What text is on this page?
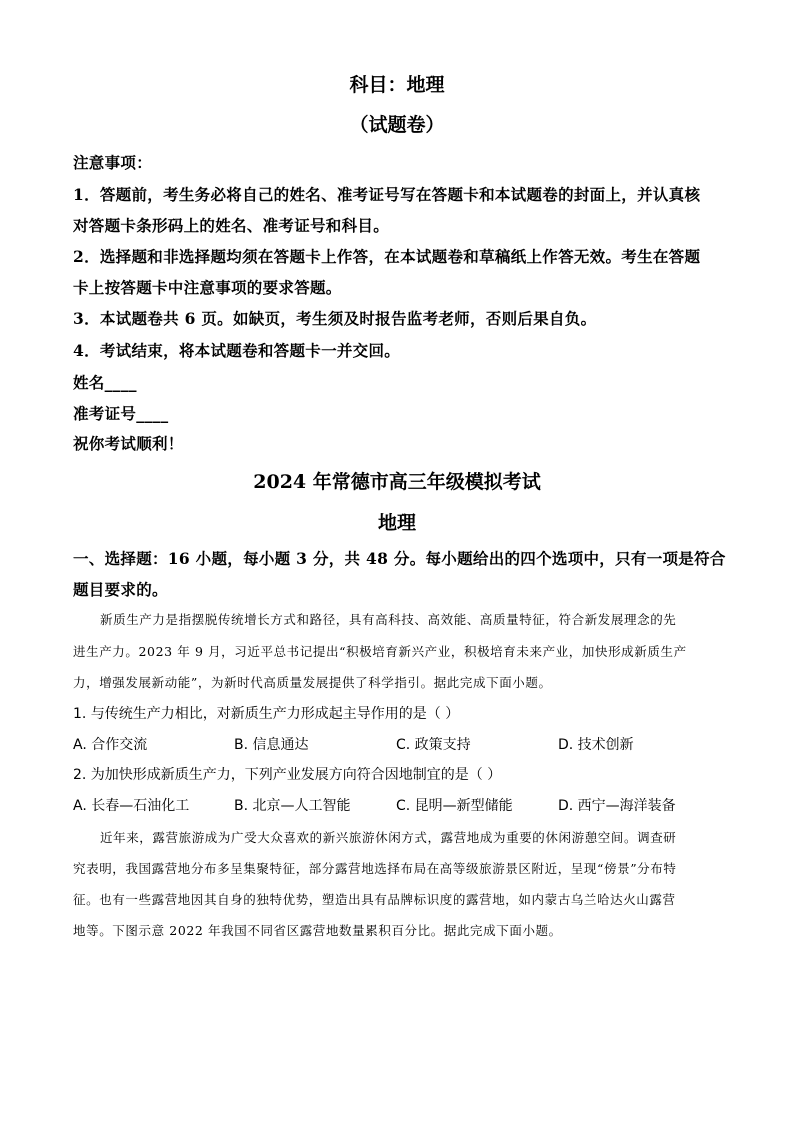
科目：地理
（试题卷）
注意事项：
1．答题前，考生务必将自己的姓名、准考证号写在答题卡和本试题卷的封面上，并认真核
对答题卡条形码上的姓名、准考证号和科目。
2．选择题和非选择题均须在答题卡上作答，在本试题卷和草稿纸上作答无效。考生在答题
卡上按答题卡中注意事项的要求答题。
3．本试题卷共 6 页。如缺页，考生须及时报告监考老师，否则后果自负。
4．考试结束，将本试题卷和答题卡一并交回。
姓名____
准考证号____
祝你考试顺利！
2024 年常德市高三年级模拟考试
地理
一、选择题：16 小题，每小题 3 分，共 48 分。每小题给出的四个选项中，只有一项是符合
题目要求的。
新质生产力是指摆脱传统增长方式和路径，具有高科技、高效能、高质量特征，符合新发展理念的先
进生产力。2023 年 9 月，习近平总书记提出“积极培育新兴产业，积极培育未来产业，加快形成新质生产
力，增强发展新动能”，为新时代高质量发展提供了科学指引。据此完成下面小题。
1. 与传统生产力相比，对新质生产力形成起主导作用的是（ ）
A. 合作交流	B. 信息通达	C. 政策支持	D. 技术创新
2. 为加快形成新质生产力，下列产业发展方向符合因地制宜的是（ ）
A. 长春—石油化工	B. 北京—人工智能	C. 昆明—新型储能	D. 西宁—海洋装备
近年来，露营旅游成为广受大众喜欢的新兴旅游休闲方式，露营地成为重要的休闲游憩空间。调查研
究表明，我国露营地分布多呈集聚特征，部分露营地选择布局在高等级旅游景区附近，呈现“傍景”分布特
征。也有一些露营地因其自身的独特优势，塑造出具有品牌标识度的露营地，如内蒙古乌兰哈达火山露营
地等。下图示意 2022 年我国不同省区露营地数量累积百分比。据此完成下面小题。
